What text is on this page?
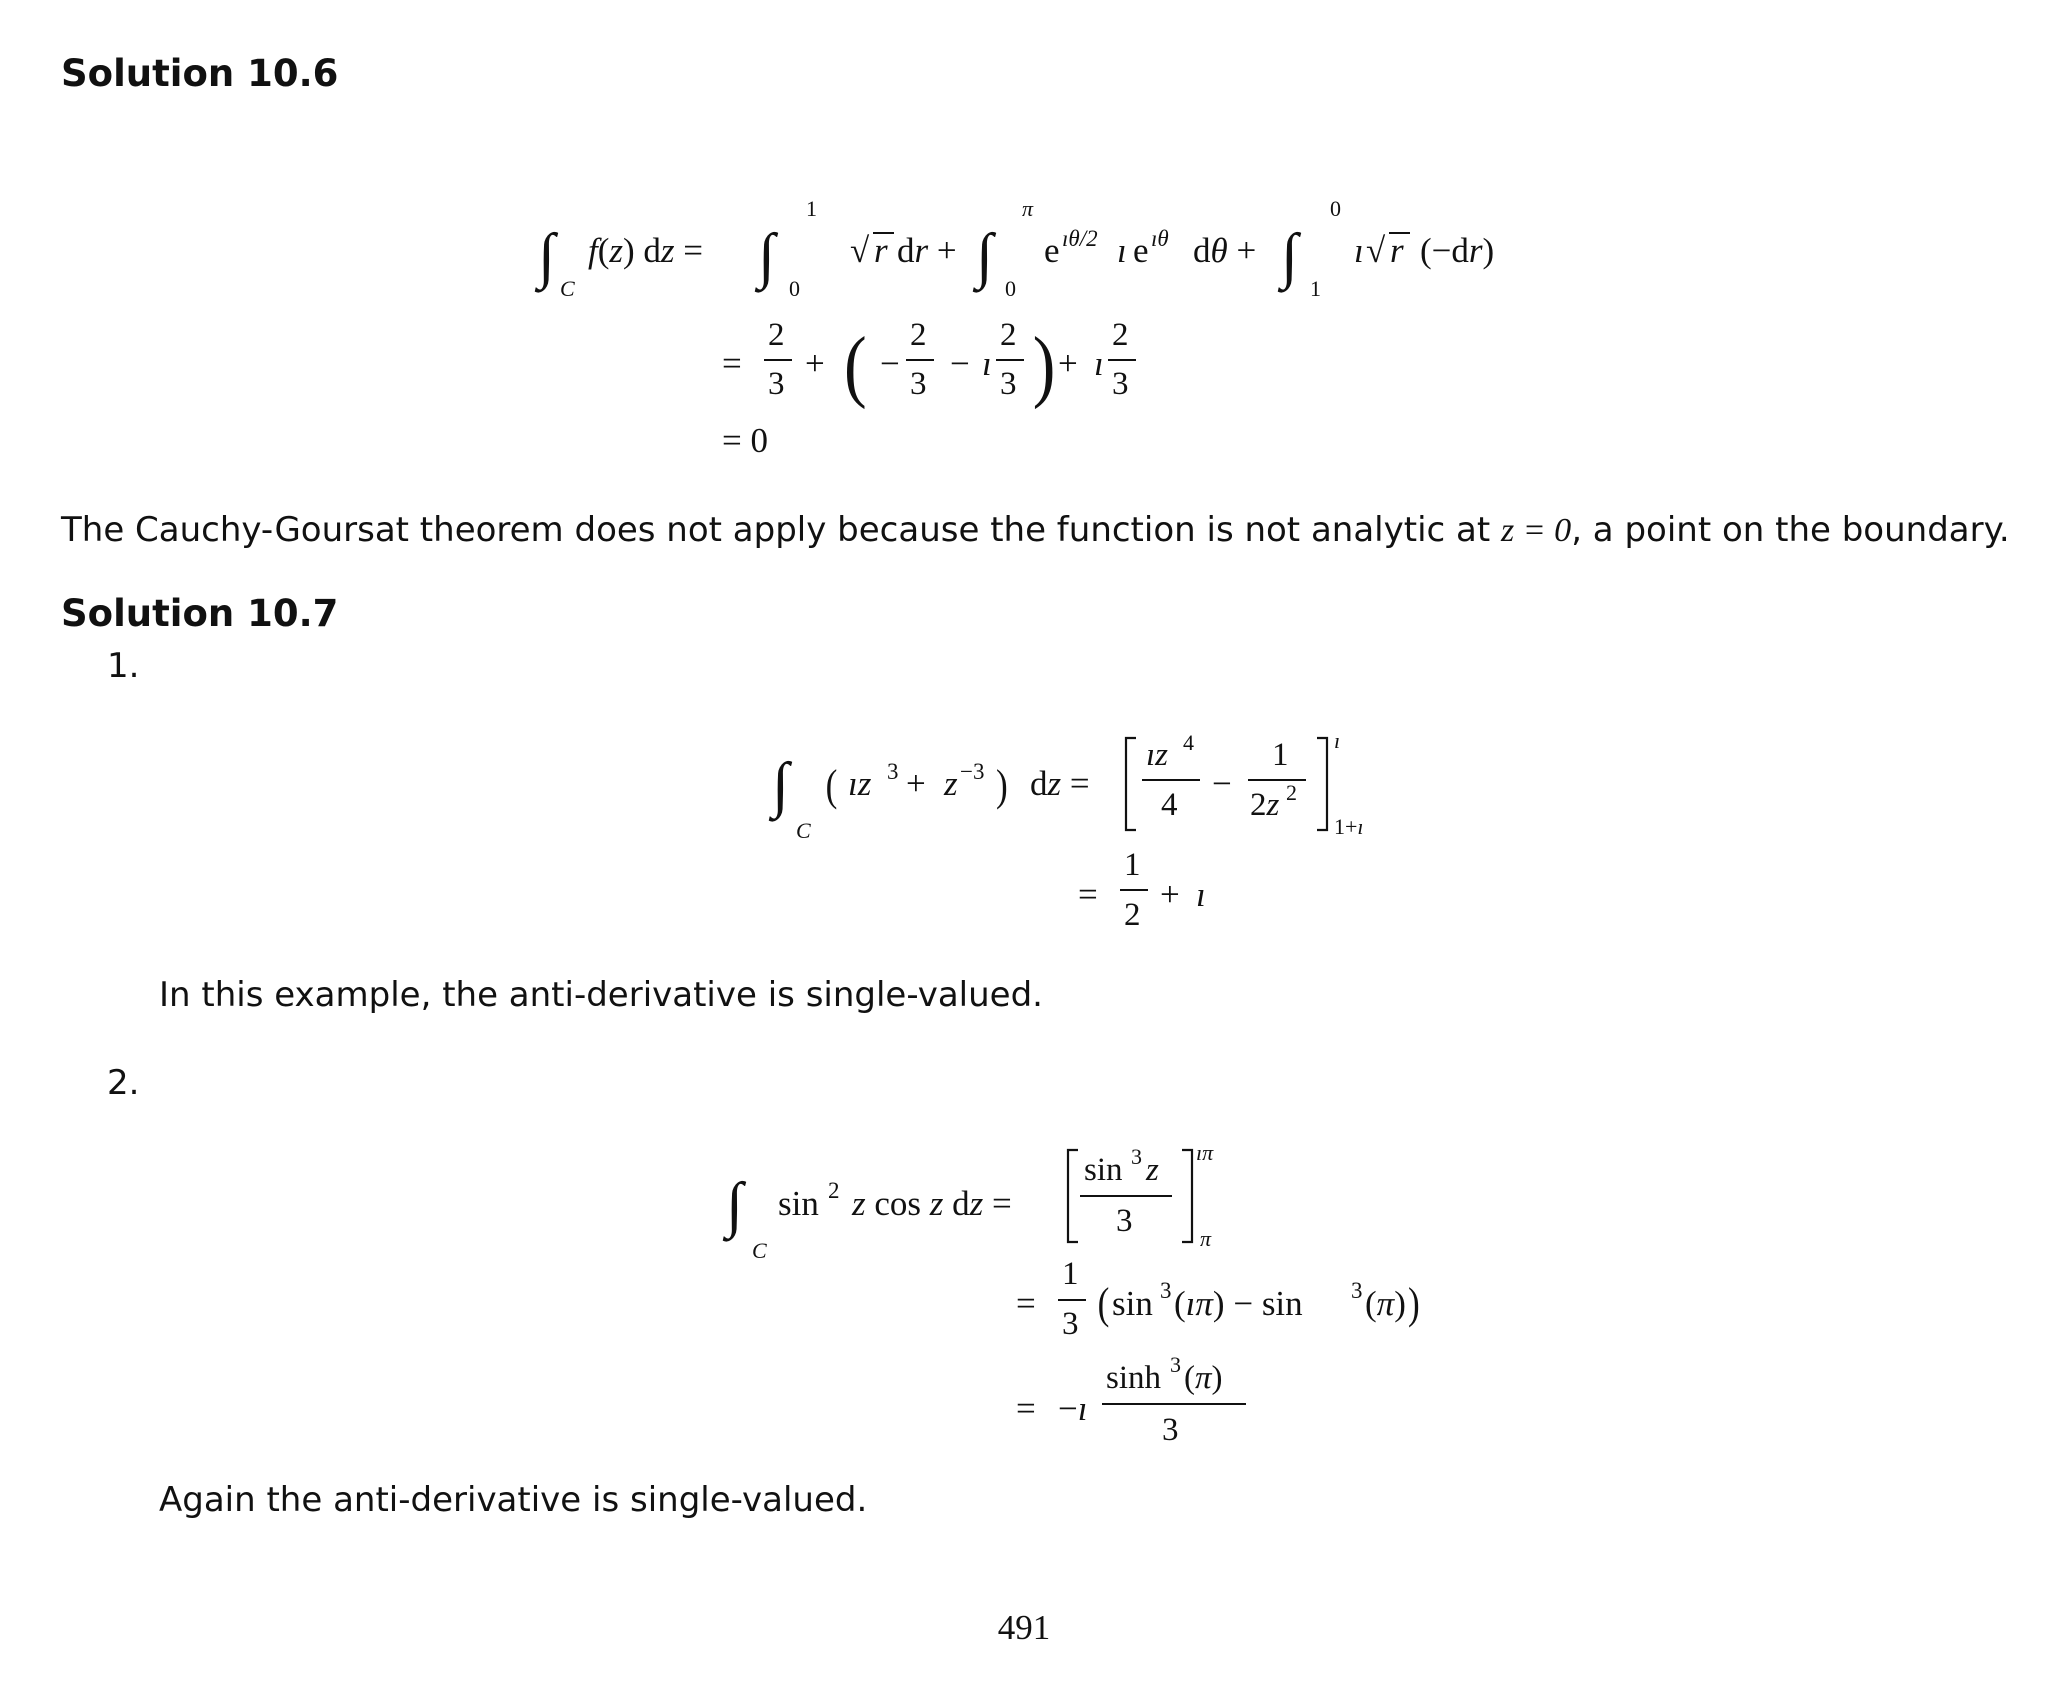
Solution 10.6
∫ C
f(z) dz = ∫
1
0
√ r dr + ∫
π
0
e ıθ/2 ı e ıθ dθ + ∫
0
1
ı √ r (−dr)
=
2
3
+ ( −
2
3
− ı
2
3 ) + ı
2
3
= 0

The Cauchy-Goursat theorem does not apply because the function is not analytic at z = 0, a point on the boundary.

Solution 10.7

1.

∫
C
( ız 3 + z −3 ) dz =
ız 4
4
−
1
2z 2
ı
1+ı
=
1
2
+ ı

In this example, the anti-derivative is single-valued.

2.

∫
C
sin 2 z cos z dz =
sin 3 z
3
ıπ
π
=
1
3 ( sin 3 (ıπ) − sin 3 (π) )
= −ı
sinh 3 (π)
3

Again the anti-derivative is single-valued.

491
